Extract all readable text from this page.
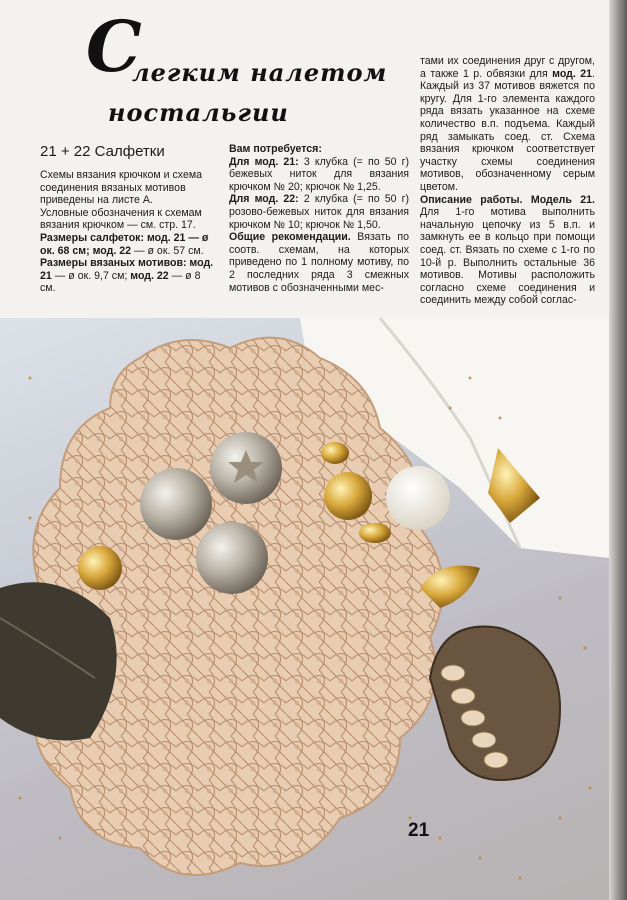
С
легким налетом
ностальгии

21 + 22 Салфетки

Схемы вязания крючком и схема соединения вязаных мотивов приведены на листе А.

Условные обозначения к схемам вязания крючком — см. стр. 17.

Размеры салфеток: мод. 21 — ø ок. 68 см; мод. 22 — ø ок. 57 см.

Размеры вязаных мотивов: мод. 21 — ø ок. 9,7 см; мод. 22 — ø 8 см.

Вам потребуется:

Для мод. 21: 3 клубка (= по 50 г) бежевых ниток для вязания крючком № 20; крючок № 1,25.

Для мод. 22: 2 клубка (= по 50 г) розово-бежевых ниток для вязания крючком № 10; крючок № 1,50.

Общие рекомендации. Вязать по соотв. схемам, на которых приведено по 1 полному мотиву, по 2 последних ряда 3 смежных мотивов с обозначенными мес-

тами их соединения друг с другом, а также 1 р. обвязки для мод. 21. Каждый из 37 мотивов вяжется по кругу. Для 1-го элемента каждого ряда вязать указанное на схеме количество в.п. подъема. Каждый ряд замыкать соед. ст. Схема вязания крючком соответствует участку схемы соединения мотивов, обозначенному серым цветом.

Описание работы. Модель 21. Для 1-го мотива выполнить начальную цепочку из 5 в.п. и замкнуть ее в кольцо при помощи соед. ст. Вязать по схеме с 1-го по 10-й р. Выполнить остальные 36 мотивов. Мотивы расположить согласно схеме соединения и соединить между собой соглас-

21
